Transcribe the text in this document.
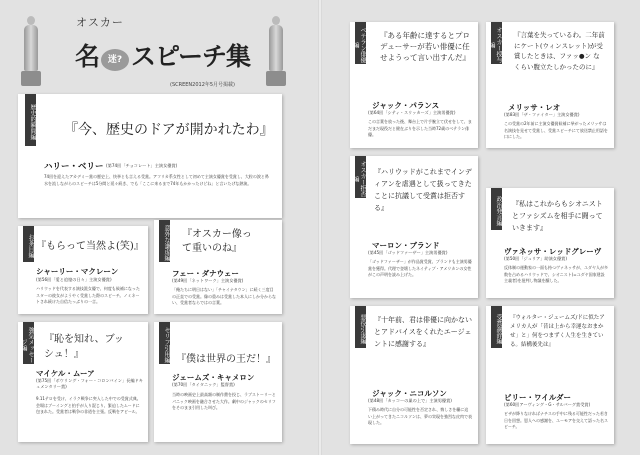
オスカー
名 迷? スピーチ集
(SCREEN2012年5月号掲載)
歴史的瞬間編 『今、歴史のドアが開かれたわ』
ハリー・ベリー (第74回「チョコレート」主演女優賞)
74回を迎えたアカデミー賞の歴史上、快挙とも言える受賞。アフリカ系女性として初めて主演女優賞を受賞し、大粒の涙と鼻水を流しながらのスピーチは5分間と延々続き、でも「ここに来るまで74年もかかったけどね」と言いたげな熱演。
お茶目編 『もらって当然よ(笑)』
シャーリー・マクレーン
(第56回「愛と追憶の日々」主演女優賞)
ハリウッドを代表する演技派女優で、何度も候補になったスターの彼女がようやく受賞した際のスピーチ。ノミネートされ続けた自信たっぷりの一言。
意外な謙虚編 『オスカー像って重いのね』
フェー・ダナウェー
(第49回「ネットワーク」主演女優賞)
「俺たちに明日はない」「チャイナタウン」に続く三度目の正直での受賞。像の重みは受賞した本人にしか分からない、受賞者ならではの言葉。
強気メッセージ編	『恥を知れ、ブッシュ！』
マイケル・ムーア
(第75回「ボウリング・フォー・コロンバイン」長編ドキュメンタリー賞)
9.11テロを受け、イラク戦争に突入した中での受賞式典。会場はブーイングと拍手が入り混じり、緊迫したムードに包まれた。受賞者は戦争の非道を主張。反戦をアピール。
セリフ引用編 『僕は世界の王だ！』
ジェームズ・キャメロン
(第70回「タイタニック」監督賞)
当時の映画史上最高額の制作費を投じ、ラブストーリーとパニック映画を融合させた大作。劇中のジャックのセリフをそのまま引用した叫び。
ベテラン俳優編
『ある年齢に達するとプロデューサーが若い俳優に任せようって言い出すんだ』
ジャック・パランス
(第64回「シティ・スリッカーズ」主演男優賞)
この言葉を放った後、舞台上で片手腕立て伏せをして、まだまだ現役だと健在ぶりを示した当時72歳のベテラン俳優。
オスカー授与編
『言葉を失っているわ。二年前にケート(ウィンスレット)が受賞したときは、ファッ●ン なくらい腹立たしかったのに』
メリッサ・レオ
(第83回「ザ・ファイター」主演女優賞)
この受賞の2年前に主演女優賞候補に挙がったメリッサは名演技を見せて受賞し、受賞スピーチにて放送禁止用語を口にした。
オスカー拒否編
『ハリウッドがこれまでインディアンを虐遇として扱ってきたことに抗議して受賞は拒否する』
マーロン・ブランド
(第45回「ゴッドファーザー」主演男優賞)
「ゴッドファーザー」が作品賞受賞、ブランドも主演男優賞を獲得。代理で登壇したネイティブ・アメリカンの女性がこの声明を読み上げた。
政治発言編 『私はこれからもシオニストとファシズムを相手に闘っていきます』
ヴァネッサ・レッドグレーヴ
(第50回「ジュリア」助演女優賞)
反体制の運動家の一面も持つヴァネッサが、ユダヤ人が多数を占めるハリウッドで、シオニスト(=ユダヤ国家建設主義者)を批判し物議を醸した。
悪役引退編 『十年前、君は俳優に向かないとアドバイスをくれたエージェントに感謝する』
ジャック・ニコルソン
(第48回「カッコーの巣の上で」主演男優賞)
下積み時代に自分の可能性を否定され、悔しさを糧に這い上がってきたニコルソンは、夢の実現を強烈な皮肉で表現した。
受賞謝辞編 『ウォルター・ジェームズ/ドに似たアメリカ人が「昔は上から幸運なおまかせ」と」何をつまずく人生を生きている。結構後先は』
ビリー・ワイルダー
(第60回アーヴィング・G・サルバーグ賞受賞)
ビザが降りなければナチスの手中に残る可能性だった若き日を回想。恩人への感謝を、ユーモアを交えて語った名スピーチ。
